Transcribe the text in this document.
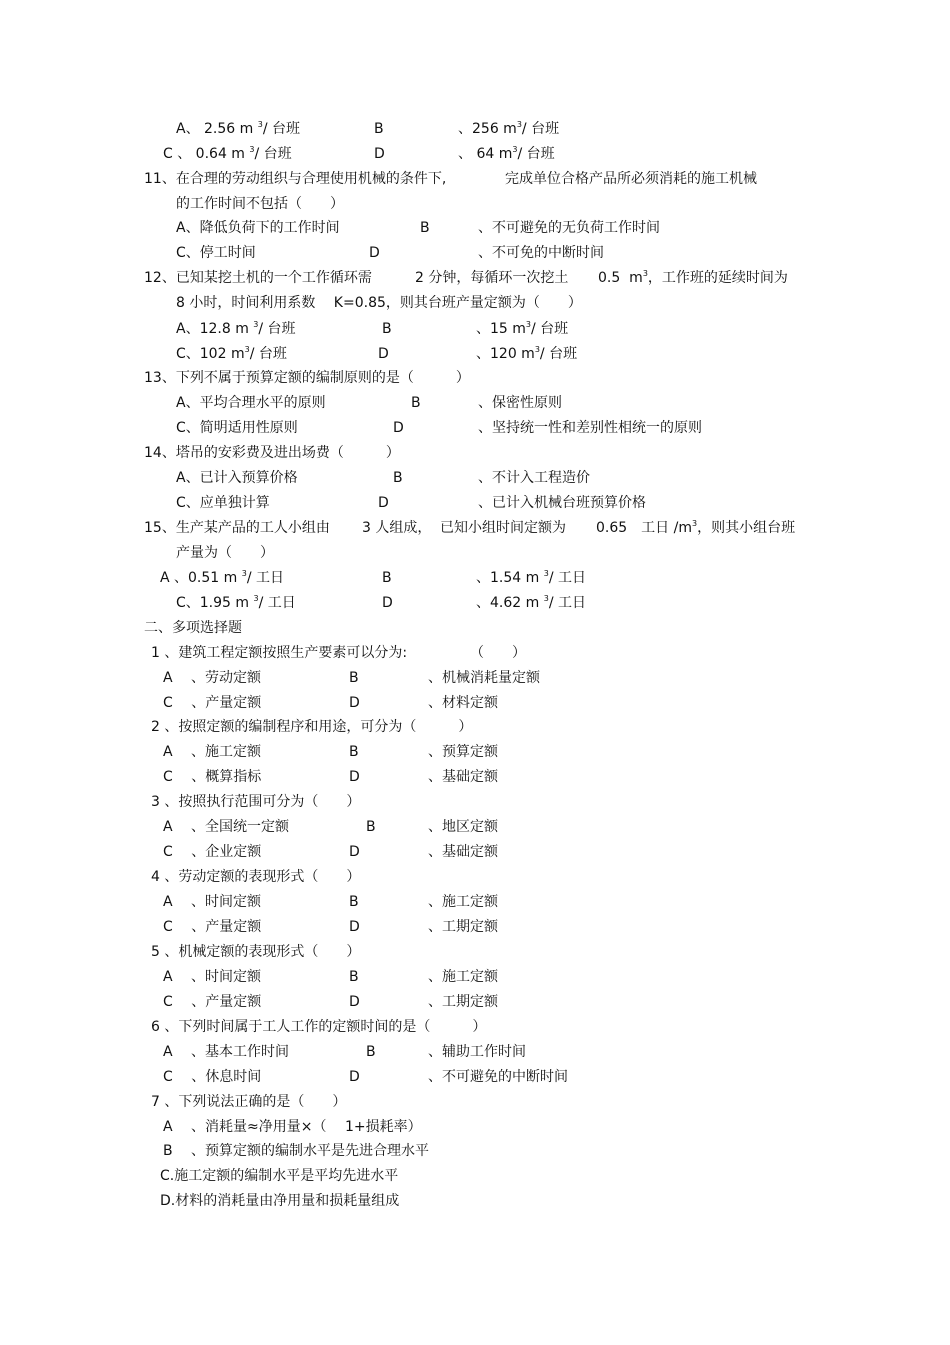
A、 2.56 m $^3$/ 台班	B	、256 $m^3/$ 台班
C 、 0.64 m $^3$/ 台班	D	、 64 $m^3/$ 台班
11、在合理的劳动组织与合理使用机械的条件下,	完成单位合格产品所必须消耗的施工机械
的工作时间不包括（　　）
A、降低负荷下的工作时间	B	、不可避免的无负荷工作时间
C、停工时间	D	、不可免的中断时间
12、已知某挖土机的一个工作循环需	2 分钟，每循环一次挖土 0.5  $m^3$，工作班的延续时间为
8 小时，时间利用系数　 K=0.85，则其台班产量定额为（　　）
A、12.8 m $^3$/ 台班	B	、15 $m^3/$ 台班
C、102 $m^3/$ 台班	D	、120 $m^3/$ 台班
13、下列不属于预算定额的编制原则的是（　　　）
A、平均合理水平的原则	B	、保密性原则
C、简明适用性原则	D	、坚持统一性和差别性相统一的原则
14、塔吊的安彩费及进出场费（　　　）
A、已计入预算价格	B	、不计入工程造价
C、应单独计算	D	、已计入机械台班预算价格
15、生产某产品的工人小组由 3 人组成， 已知小组时间定额为 0.65　工日 $/m^3$，则其小组台班
产量为（　　）
A 、0.51 m $^3$/ 工日	B	、1.54 m $^3$/ 工日
C、1.95 m $^3$/ 工日	D	、4.62 m $^3$/ 工日
二、多项选择题
1 、建筑工程定额按照生产要素可以分为:	（　　）
A 　、劳动定额	B	、机械消耗量定额
C 　、产量定额	D	、材料定额
2 、按照定额的编制程序和用途，可分为（　　　）
A 　、施工定额	B	、预算定额
C 　、概算指标	D	、基础定额
3 、按照执行范围可分为（　　）
A 　、全国统一定额	B	、地区定额
C 　、企业定额	D	、基础定额
4 、劳动定额的表现形式（　　）
A 　、时间定额	B	、施工定额
C 　、产量定额	D	、工期定额
5 、机械定额的表现形式（　　）
A 　、时间定额	B	、施工定额
C 　、产量定额	D	、工期定额
6 、下列时间属于工人工作的定额时间的是（　　　）
A 　、基本工作时间	B	、辅助工作时间
C 　、休息时间	D	、不可避免的中断时间
7 、下列说法正确的是（　　）
A 　、消耗量≈净用量×（　 1+损耗率）
B 　、预算定额的编制水平是先进合理水平
C.施工定额的编制水平是平均先进水平
D.材料的消耗量由净用量和损耗量组成
